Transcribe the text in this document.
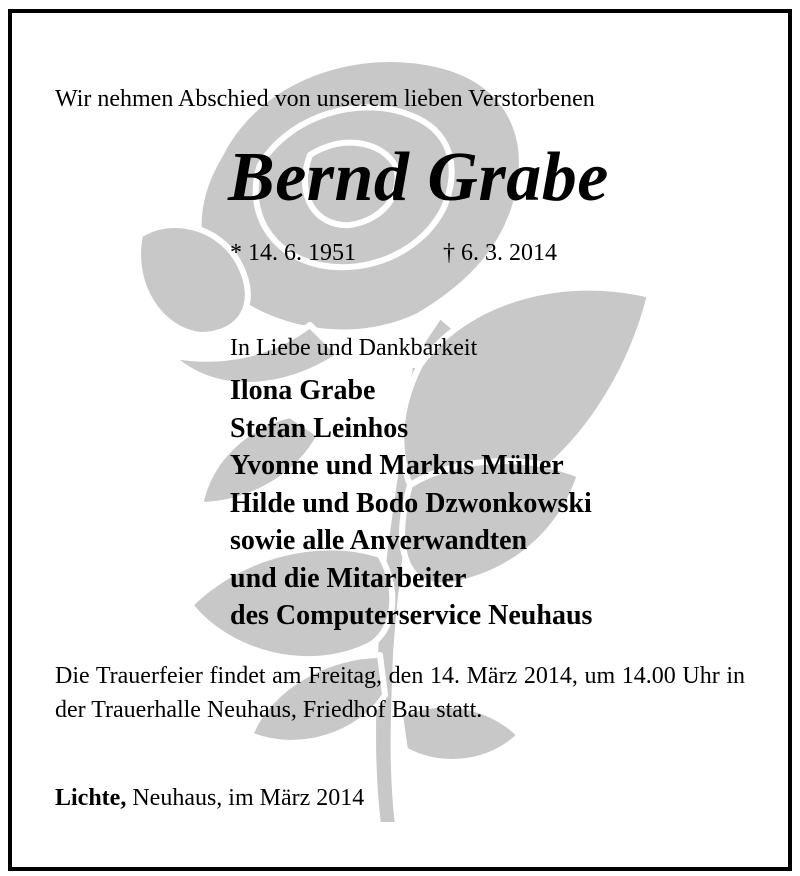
Wir nehmen Abschied von unserem lieben Verstorbenen
Bernd Grabe
* 14. 6. 1951	† 6. 3. 2014
In Liebe und Dankbarkeit
Ilona Grabe
Stefan Leinhos
Yvonne und Markus Müller
Hilde und Bodo Dzwonkowski
sowie alle Anverwandten
und die Mitarbeiter
des Computerservice Neuhaus
Die Trauerfeier findet am Freitag, den 14. März 2014, um 14.00 Uhr in der Trauerhalle Neuhaus, Friedhof Bau statt.
Lichte, Neuhaus, im März 2014
